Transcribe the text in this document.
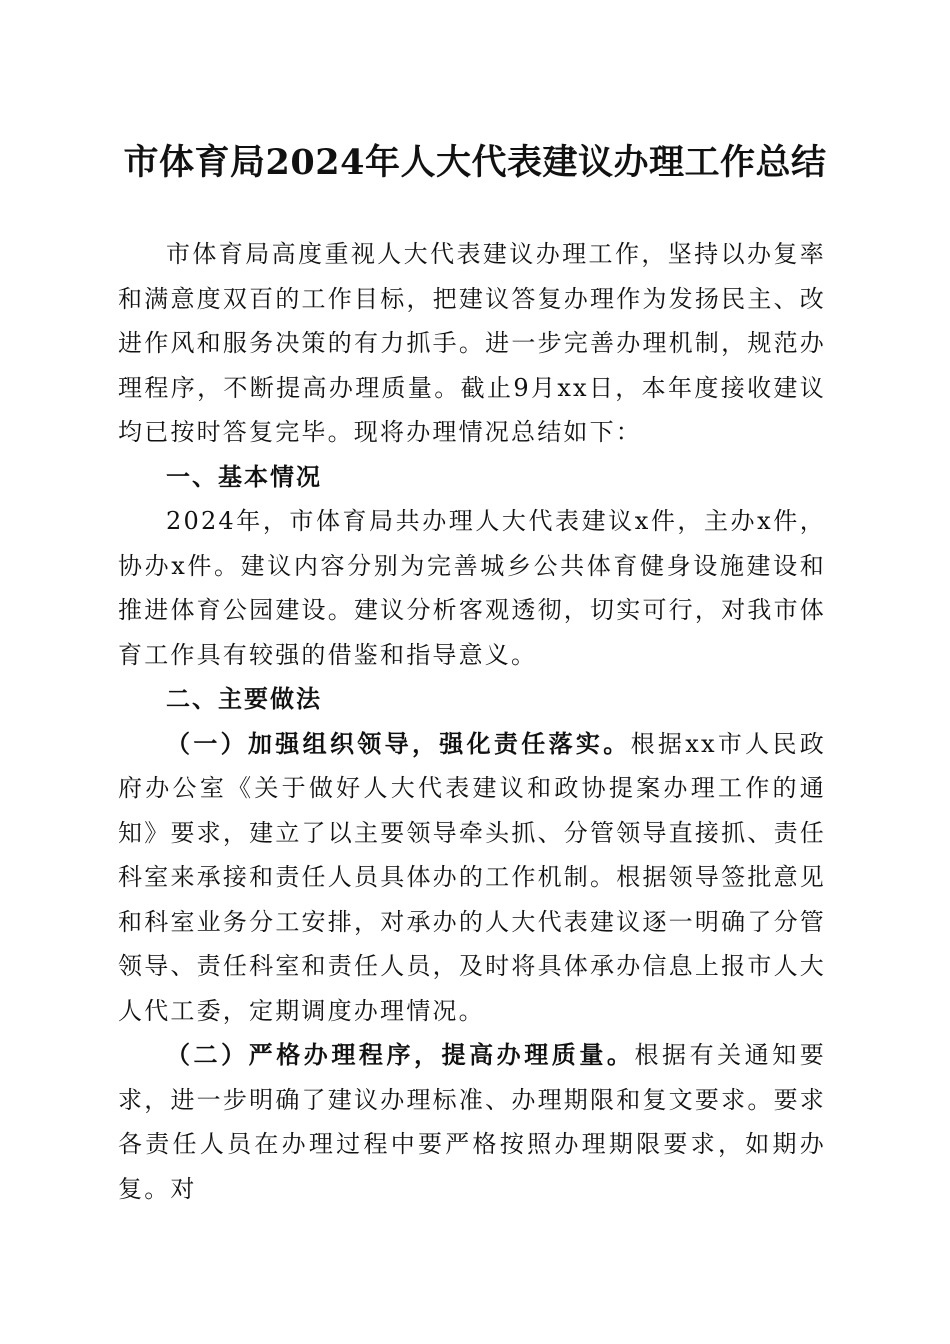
市体育局2024年人大代表建议办理工作总结

市体育局高度重视人大代表建议办理工作，坚持以办复率和满意度双百的工作目标，把建议答复办理作为发扬民主、改进作风和服务决策的有力抓手。进一步完善办理机制，规范办理程序，不断提高办理质量。截止9月xx日，本年度接收建议均已按时答复完毕。现将办理情况总结如下：

一、基本情况

2024年，市体育局共办理人大代表建议x件，主办x件，协办x件。建议内容分别为完善城乡公共体育健身设施建设和推进体育公园建设。建议分析客观透彻，切实可行，对我市体育工作具有较强的借鉴和指导意义。

二、主要做法

（一）加强组织领导，强化责任落实。根据xx市人民政府办公室《关于做好人大代表建议和政协提案办理工作的通知》要求，建立了以主要领导牵头抓、分管领导直接抓、责任科室来承接和责任人员具体办的工作机制。根据领导签批意见和科室业务分工安排，对承办的人大代表建议逐一明确了分管领导、责任科室和责任人员，及时将具体承办信息上报市人大人代工委，定期调度办理情况。

（二）严格办理程序，提高办理质量。根据有关通知要求，进一步明确了建议办理标准、办理期限和复文要求。要求各责任人员在办理过程中要严格按照办理期限要求，如期办复。对
